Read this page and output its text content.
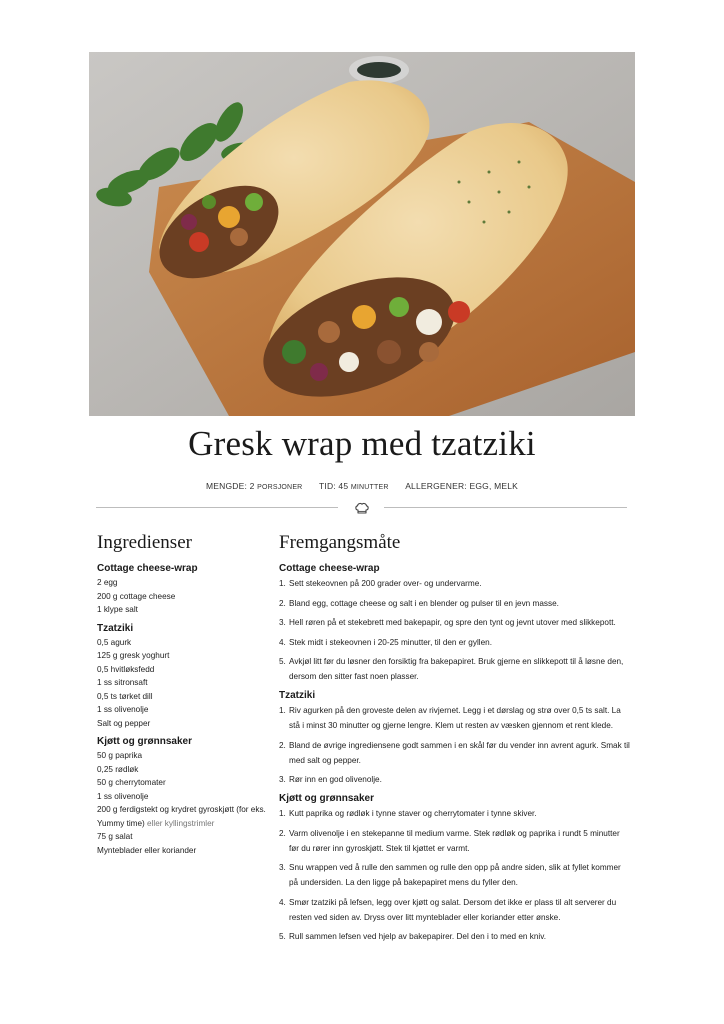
Gresk wrap med tzatziki
MENGDE: 2 PORSJONER TID: 45 MINUTTER ALLERGENER: EGG, MELK
Ingredienser
Cottage cheese-wrap
2 egg
200 g cottage cheese
1 klype salt
Tzatziki
0,5 agurk
125 g gresk yoghurt
0,5 hvitløksfedd
1 ss sitronsaft
0,5 ts tørket dill
1 ss olivenolje
Salt og pepper
Kjøtt og grønnsaker
50 g paprika
0,25 rødløk
50 g cherrytomater
1 ss olivenolje
200 g ferdigstekt og krydret gyroskjøtt (for eks. Yummy time) eller kyllingstrimler
75 g salat
Mynteblader eller koriander
Fremgangsmåte
Cottage cheese-wrap
1. Sett stekeovnen på 200 grader over- og undervarme.
2. Bland egg, cottage cheese og salt i en blender og pulser til en jevn masse.
3. Hell røren på et stekebrett med bakepapir, og spre den tynt og jevnt utover med slikkepott.
4. Stek midt i stekeovnen i 20-25 minutter, til den er gyllen.
5. Avkjøl litt før du løsner den forsiktig fra bakepapiret. Bruk gjerne en slikkepott til å løsne den, dersom den sitter fast noen plasser.
Tzatziki
1. Riv agurken på den groveste delen av rivjernet. Legg i et dørslag og strø over 0,5 ts salt. La stå i minst 30 minutter og gjerne lengre. Klem ut resten av væsken gjennom et rent klede.
2. Bland de øvrige ingrediensene godt sammen i en skål før du vender inn avrent agurk. Smak til med salt og pepper.
3. Rør inn en god olivenolje.
Kjøtt og grønnsaker
1. Kutt paprika og rødløk i tynne staver og cherrytomater i tynne skiver.
2. Varm olivenolje i en stekepanne til medium varme. Stek rødløk og paprika i rundt 5 minutter før du rører inn gyroskjøtt. Stek til kjøttet er varmt.
3. Snu wrappen ved å rulle den sammen og rulle den opp på andre siden, slik at fyllet kommer på undersiden. La den ligge på bakepapiret mens du fyller den.
4. Smør tzatziki på lefsen, legg over kjøtt og salat. Dersom det ikke er plass til alt serverer du resten ved siden av. Dryss over litt mynteblader eller koriander etter ønske.
5. Rull sammen lefsen ved hjelp av bakepapirer. Del den i to med en kniv.
